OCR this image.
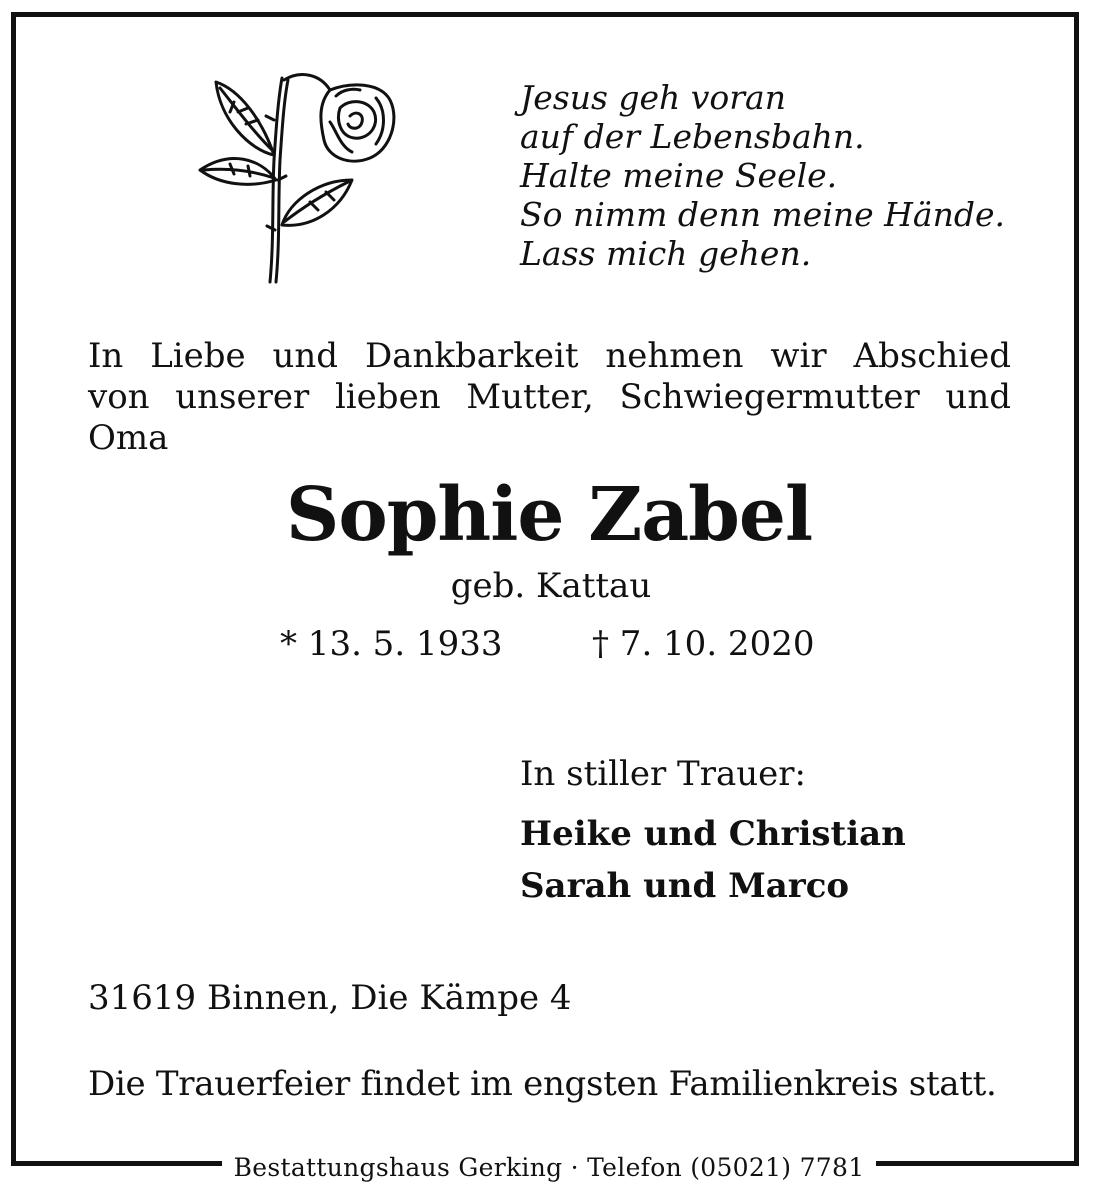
Jesus geh voran
auf der Lebensbahn.
Halte meine Seele.
So nimm denn meine Hände.
Lass mich gehen.

In Liebe und Dankbarkeit nehmen wir Abschied
von unserer lieben Mutter, Schwiegermutter und
Oma

Sophie Zabel
geb. Kattau
* 13. 5. 1933	† 7. 10. 2020
In stiller Trauer:
Heike und Christian
Sarah und Marco
31619 Binnen, Die Kämpe 4
Die Trauerfeier findet im engsten Familienkreis statt.
Bestattungshaus Gerking · Telefon (05021) 7781
